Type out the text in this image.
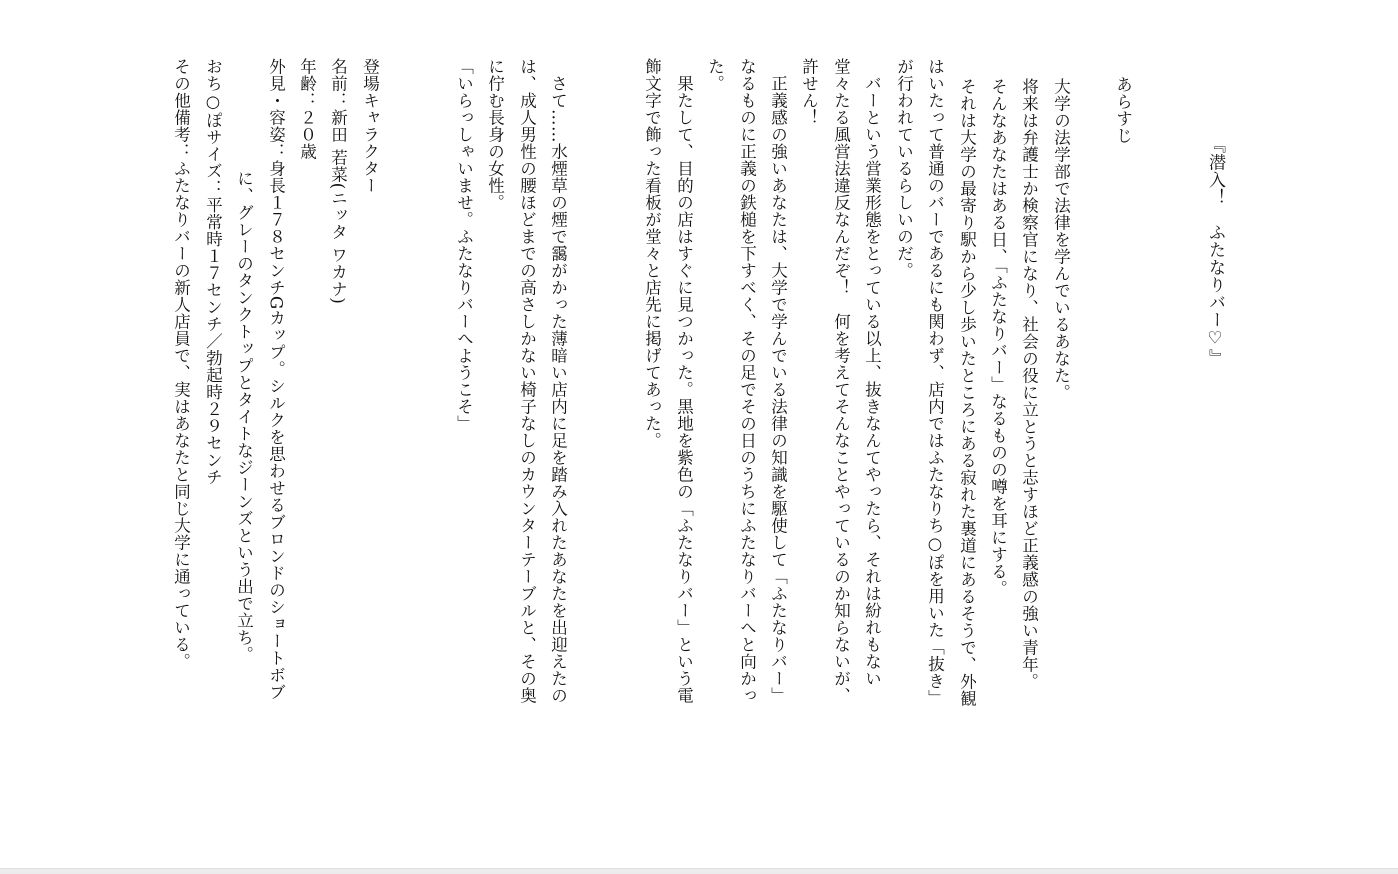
『潜入！　ふたなりバー♡』
あらすじ
大学の法学部で法律を学んでいるあなた。
将来は弁護士か検察官になり、社会の役に立とうと志すほど正義感の強い青年。
そんなあなたはある日、「ふたなりバー」なるものの噂を耳にする。
それは大学の最寄り駅から少し歩いたところにある寂れた裏道にあるそうで、外観
はいたって普通のバーであるにも関わず、店内ではふたなりち○ぽを用いた「抜き」
が行われているらしいのだ。
　バーという営業形態をとっている以上、抜きなんてやったら、それは紛れもない
堂々たる風営法違反なんだぞ！　何を考えてそんなことやっているのか知らないが、
許せん！
　正義感の強いあなたは、大学で学んでいる法律の知識を駆使して「ふたなりバー」
なるものに正義の鉄槌を下すべく、その足でその日のうちにふたなりバーへと向かっ
た。
　果たして、目的の店はすぐに見つかった。黒地を紫色の「ふたなりバー」という電
飾文字で飾った看板が堂々と店先に掲げてあった。
　さて……水煙草の煙で靄がかった薄暗い店内に足を踏み入れたあなたを出迎えたの
は、成人男性の腰ほどまでの高さしかない椅子なしのカウンターテーブルと、その奥
に佇む長身の女性。
「いらっしゃいませ。ふたなりバーへようこそ」
登場キャラクター
名前：新田 若菜(ニッタ ワカナ)
年齢：２０歳
外見・容姿：身長１７８センチGカップ。シルクを思わせるブロンドのショートボブ
に、グレーのタンクトップとタイトなジーンズという出で立ち。
おち○ぽサイズ：平常時１７センチ／勃起時２９センチ
その他備考：ふたなりバーの新人店員で、実はあなたと同じ大学に通っている。
